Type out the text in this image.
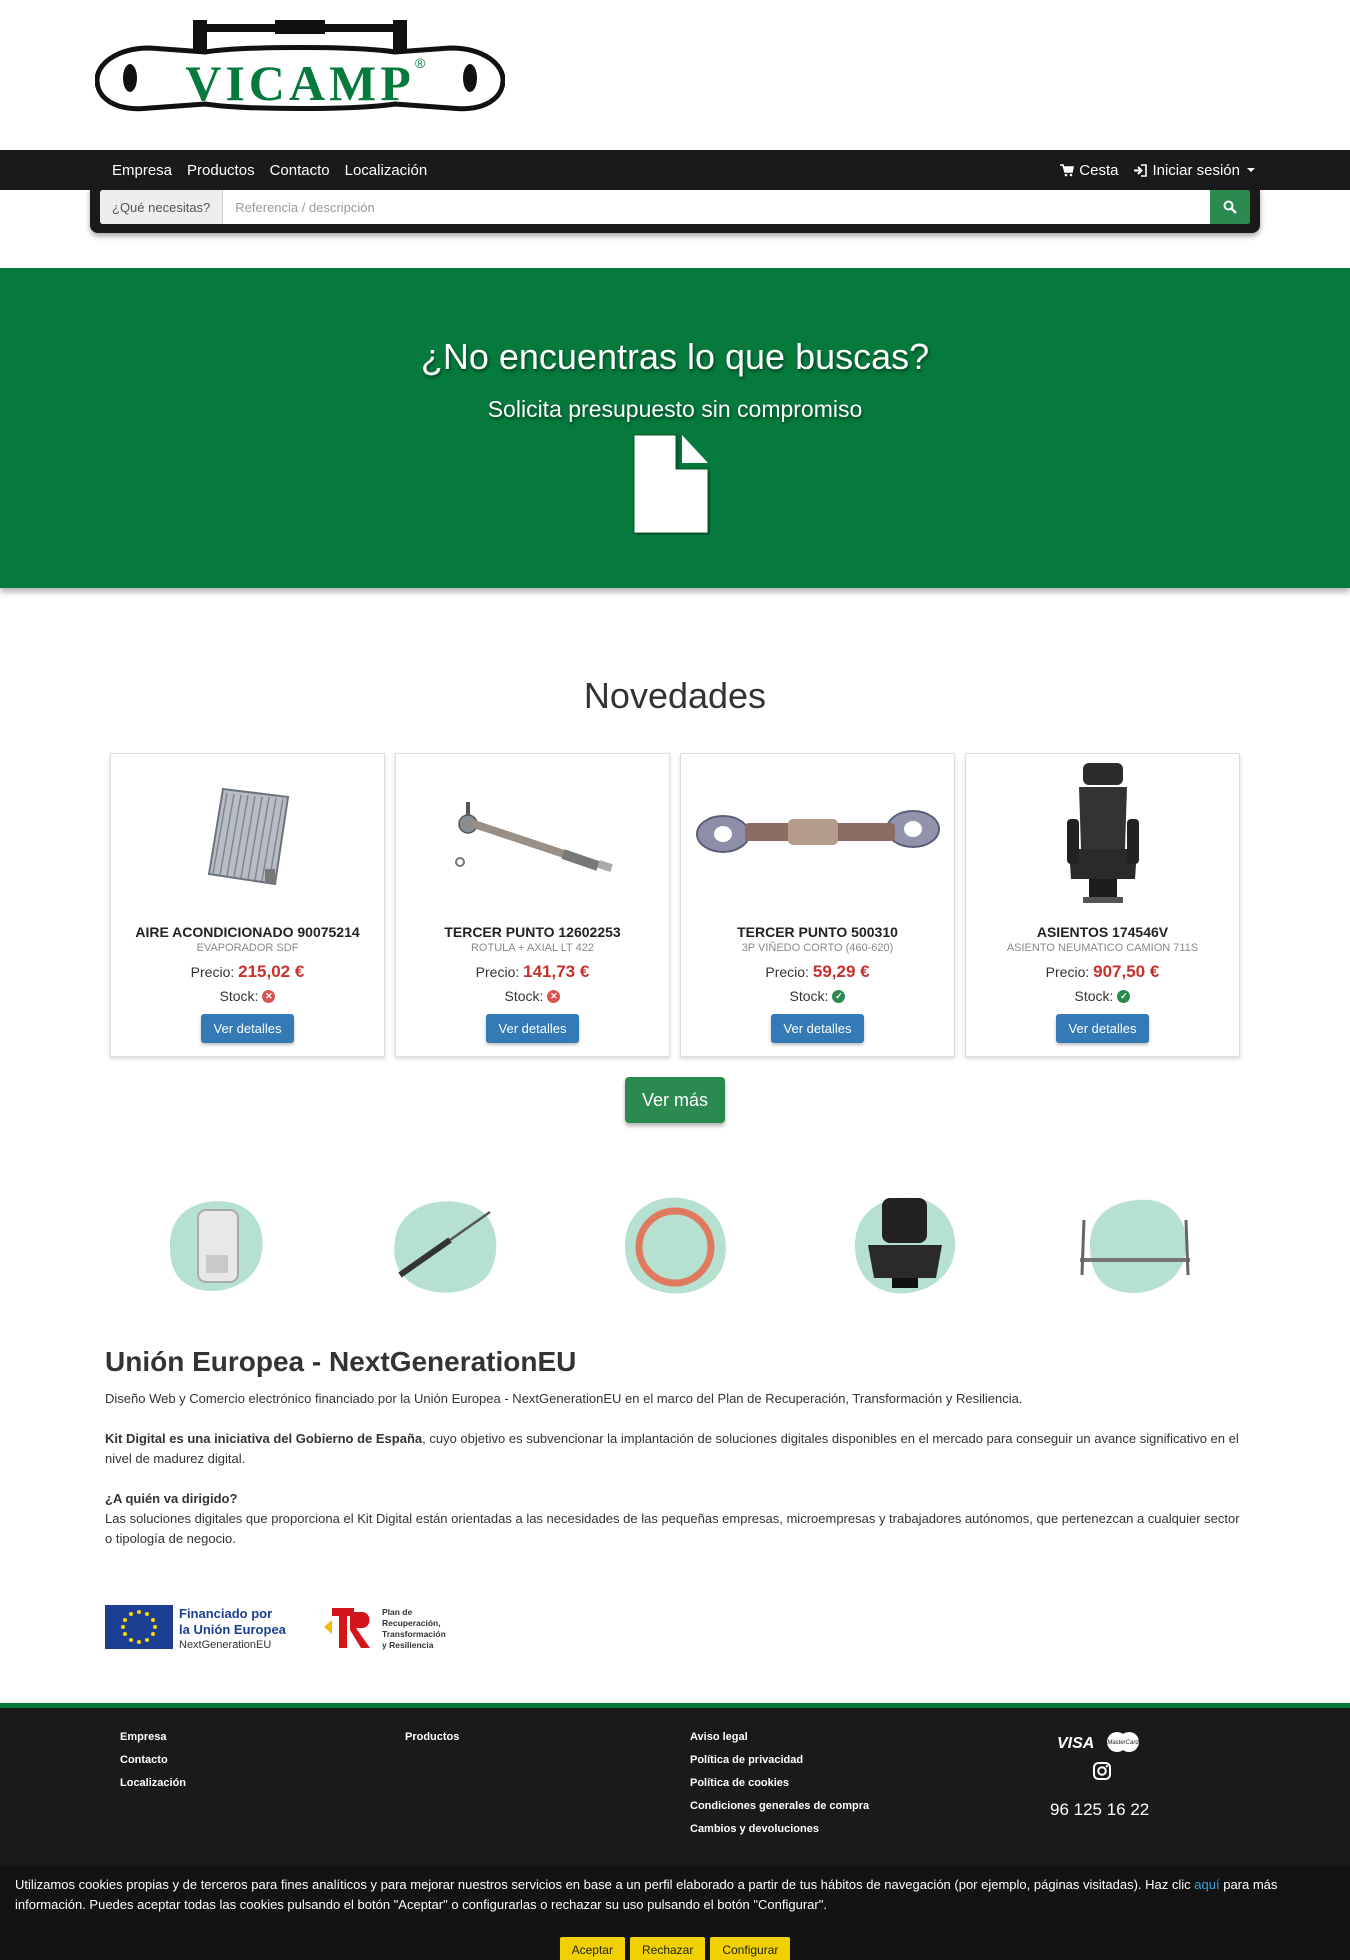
VICAMP ®
Empresa Productos Contacto Localización	Cesta Iniciar sesión
¿Qué necesitas?
Referencia / descripción
¿No encuentras lo que buscas?
Solicita presupuesto sin compromiso
Novedades
AIRE ACONDICIONADO 90075214
EVAPORADOR SDF
Precio: 215,02 €
Stock: ✕
Ver detalles
TERCER PUNTO 12602253
ROTULA + AXIAL LT 422
Precio: 141,73 €
Stock: ✕
Ver detalles
TERCER PUNTO 500310
3P VIÑEDO CORTO (460-620)
Precio: 59,29 €
Stock: ✓
Ver detalles
ASIENTOS 174546V
ASIENTO NEUMATICO CAMION 711S
Precio: 907,50 €
Stock: ✓
Ver detalles
Ver más
Unión Europea - NextGenerationEU

Diseño Web y Comercio electrónico financiado por la Unión Europea - NextGenerationEU en el marco del Plan de Recuperación, Transformación y Resiliencia.

Kit Digital es una iniciativa del Gobierno de España, cuyo objetivo es subvencionar la implantación de soluciones digitales disponibles en el mercado para conseguir un avance significativo en el nivel de madurez digital.

¿A quién va dirigido?
Las soluciones digitales que proporciona el Kit Digital están orientadas a las necesidades de las pequeñas empresas, microempresas y trabajadores autónomos, que pertenezcan a cualquier sector o tipología de negocio.

Financiado por
la Unión Europea
NextGenerationEU
Plan de
Recuperación,
Transformación
y Resiliencia
Empresa
Contacto
Localización
Productos	Aviso legal
Política de privacidad
Política de cookies
Condiciones generales de compra
Cambios y devoluciones
VISA MasterCard
96 125 16 22

Utilizamos cookies propias y de terceros para fines analíticos y para mejorar nuestros servicios en base a un perfil elaborado a partir de tus hábitos de navegación (por ejemplo, páginas visitadas). Haz clic aquí para más información. Puedes aceptar todas las cookies pulsando el botón "Aceptar" o configurarlas o rechazar su uso pulsando el botón "Configurar".

Aceptar	Rechazar	Configurar
